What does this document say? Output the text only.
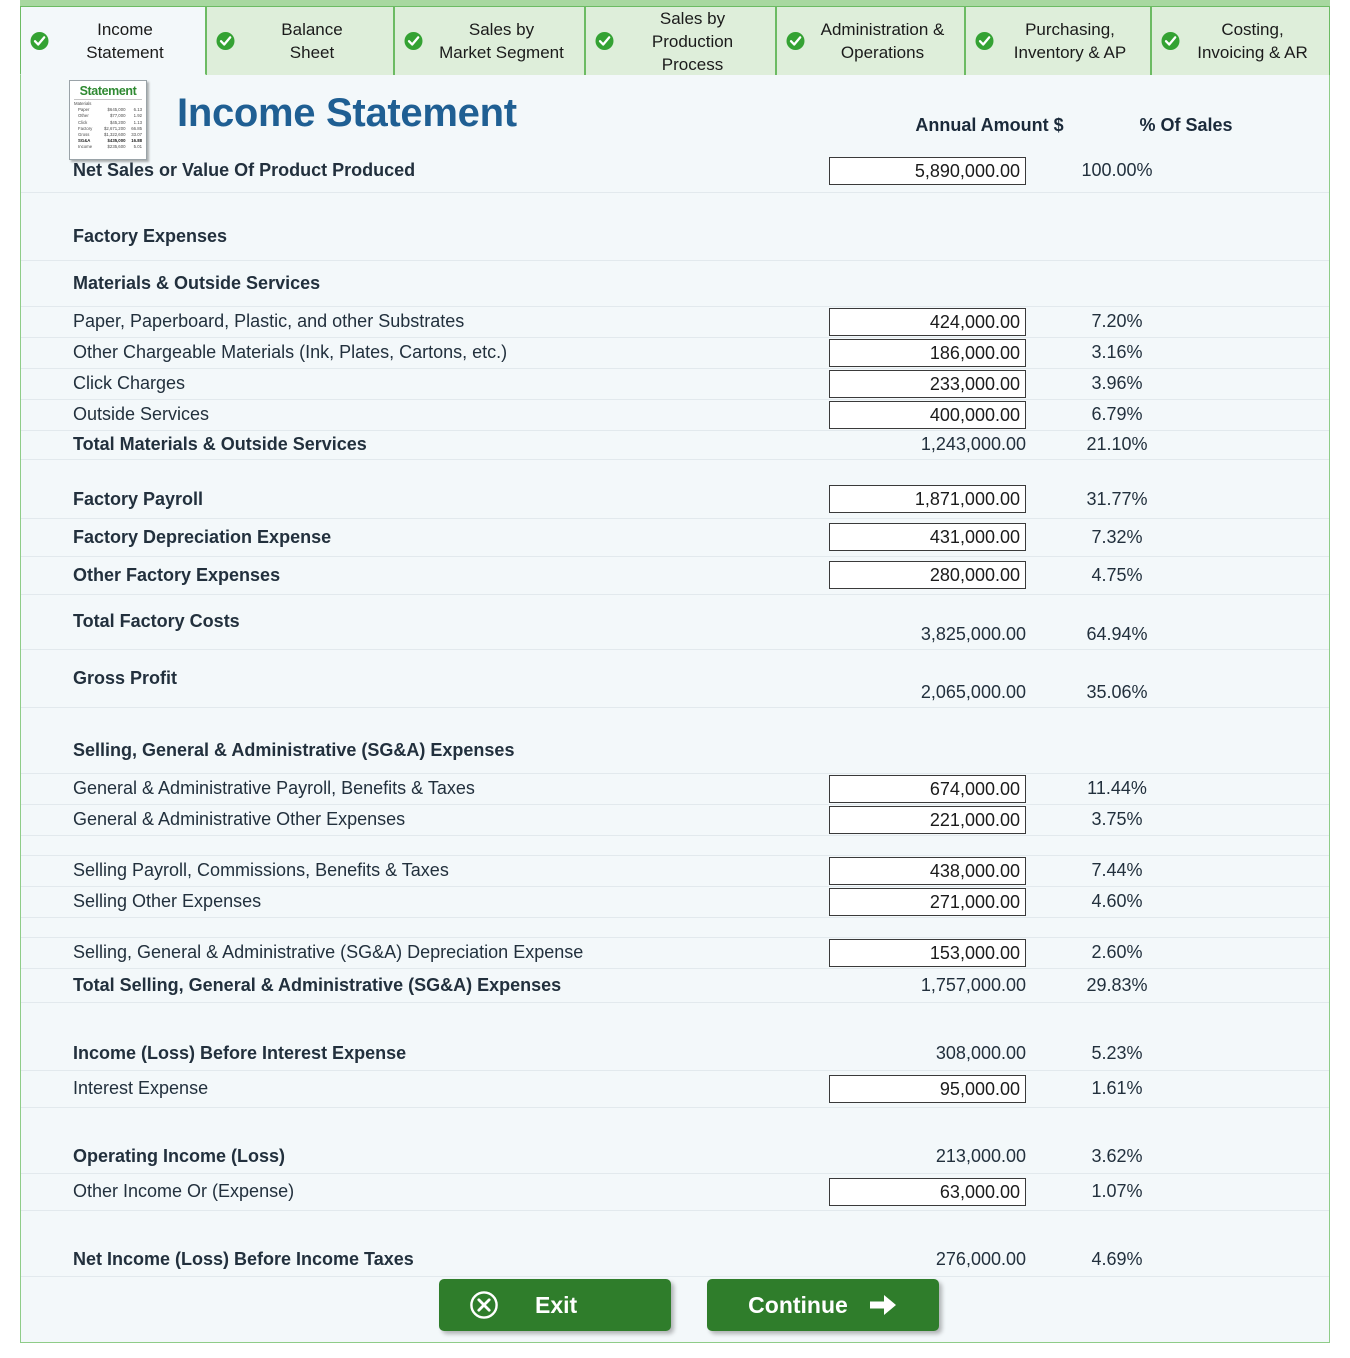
Income
Statement
Balance
Sheet
Sales by
Market Segment
Sales by
Production Process
Administration &
Operations
Purchasing,
Inventory & AP
Costing,
Invoicing & AR
Statement
Materials		
Paper	$645,000	6.13
Other	$77,000	1.92
Click	$45,200	1.13
Factory	$2,671,200	66.85
Gross	$1,322,600	33.07
SG&A	$435,000	16.88
Income	$235,600	5.01
Income Statement	Annual Amount $	% Of Sales
Net Sales or Value Of Product Produced	5,890,000.00	100.00%	

Factory Expenses			
Materials & Outside Services			
Paper, Paperboard, Plastic, and other Substrates	424,000.00	7.20%	
Other Chargeable Materials (Ink, Plates, Cartons, etc.)	186,000.00	3.16%	
Click Charges	233,000.00	3.96%	
Outside Services	400,000.00	6.79%	
Total Materials & Outside Services	1,243,000.00	21.10%	

Factory Payroll	1,871,000.00	31.77%	
Factory Depreciation Expense	431,000.00	7.32%	
Other Factory Expenses	280,000.00	4.75%	
Total Factory Costs	3,825,000.00	64.94%	
Gross Profit	2,065,000.00	35.06%	

Selling, General & Administrative (SG&A) Expenses			
General & Administrative Payroll, Benefits & Taxes	674,000.00	11.44%	
General & Administrative Other Expenses	221,000.00	3.75%	

Selling Payroll, Commissions, Benefits & Taxes	438,000.00	7.44%	
Selling Other Expenses	271,000.00	4.60%	

Selling, General & Administrative (SG&A) Depreciation Expense	153,000.00	2.60%	
Total Selling, General & Administrative (SG&A) Expenses	1,757,000.00	29.83%	

Income (Loss) Before Interest Expense	308,000.00	5.23%	
Interest Expense	95,000.00	1.61%	

Operating Income (Loss)	213,000.00	3.62%	
Other Income Or (Expense)	63,000.00	1.07%	

Net Income (Loss) Before Income Taxes	276,000.00	4.69%	
Exit	Continue
